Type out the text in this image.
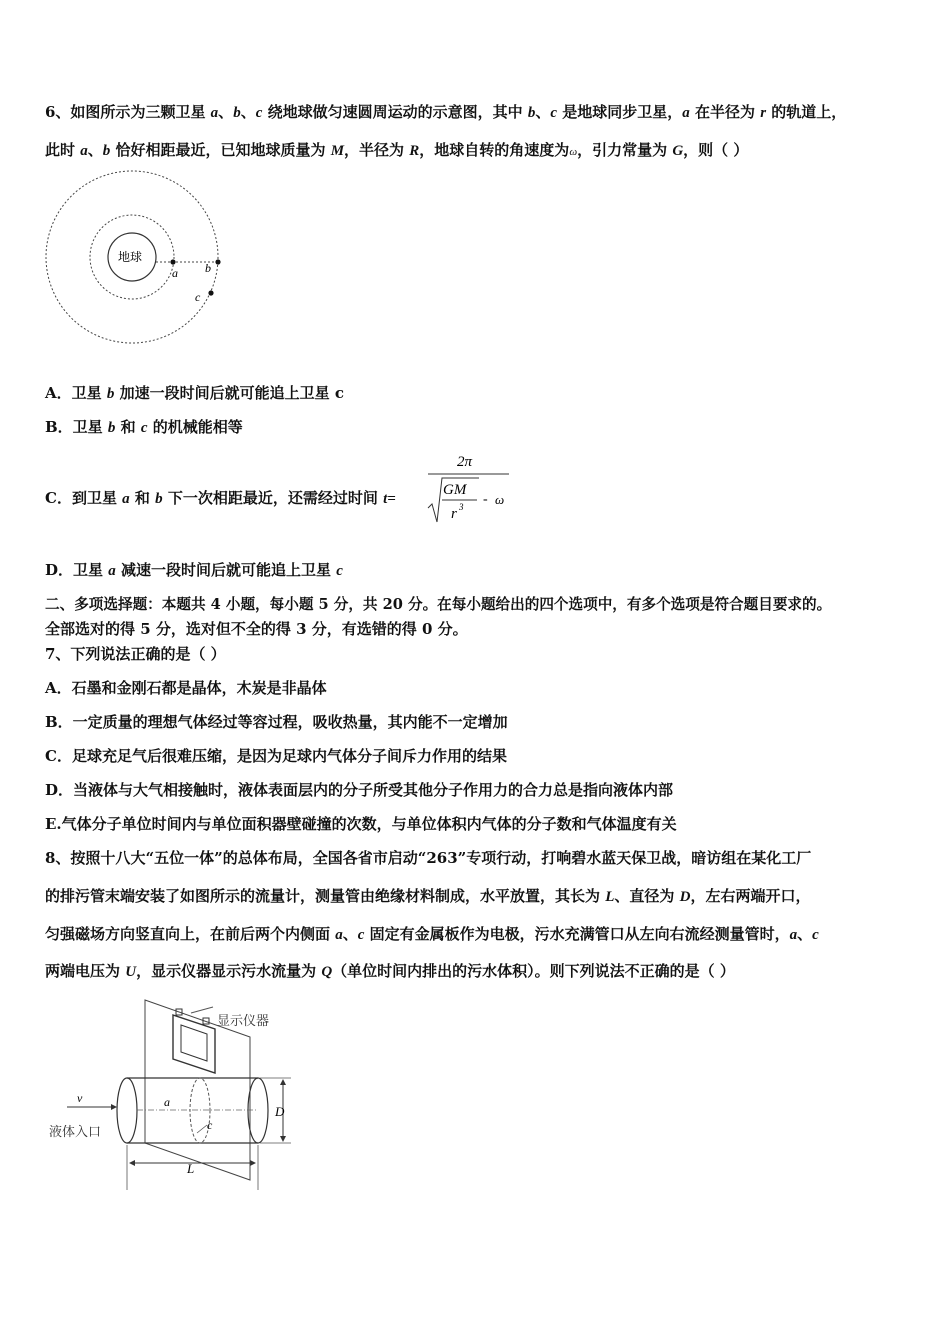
6、如图所示为三颗卫星 a、b、c 绕地球做匀速圆周运动的示意图，其中 b、c 是地球同步卫星，a 在半径为 r 的轨道上，
此时 a、b 恰好相距最近，已知地球质量为 M，半径为 R，地球自转的角速度为ω，引力常量为 G，则（ ）
地球
a b
c
A．卫星 b 加速一段时间后就可能追上卫星 c
B．卫星 b 和 c 的机械能相等
C．到卫星 a 和 b 下一次相距最近，还需经过时间 t=
2π
GM
r 3 - ω
D．卫星 a 减速一段时间后就可能追上卫星 c
二、多项选择题：本题共 4 小题，每小题 5 分，共 20 分。在每小题给出的四个选项中，有多个选项是符合题目要求的。
全部选对的得 5 分，选对但不全的得 3 分，有选错的得 0 分。
7、下列说法正确的是（ ）
A．石墨和金刚石都是晶体，木炭是非晶体
B．一定质量的理想气体经过等容过程，吸收热量，其内能不一定增加
C．足球充足气后很难压缩，是因为足球内气体分子间斥力作用的结果
D．当液体与大气相接触时，液体表面层内的分子所受其他分子作用力的合力总是指向液体内部
E.气体分子单位时间内与单位面积器壁碰撞的次数，与单位体积内气体的分子数和气体温度有关
8、按照十八大“五位一体”的总体布局，全国各省市启动“263”专项行动，打响碧水蓝天保卫战，暗访组在某化工厂
的排污管末端安装了如图所示的流量计，测量管由绝缘材料制成，水平放置，其长为 L、直径为 D，左右两端开口，
匀强磁场方向竖直向上，在前后两个内侧面 a、c 固定有金属板作为电极，污水充满管口从左向右流经测量管时，a、c
两端电压为 U，显示仪器显示污水流量为 Q（单位时间内排出的污水体积）。则下列说法不正确的是（ ）
显示仪器
v
液体入口
a
c
D
L
